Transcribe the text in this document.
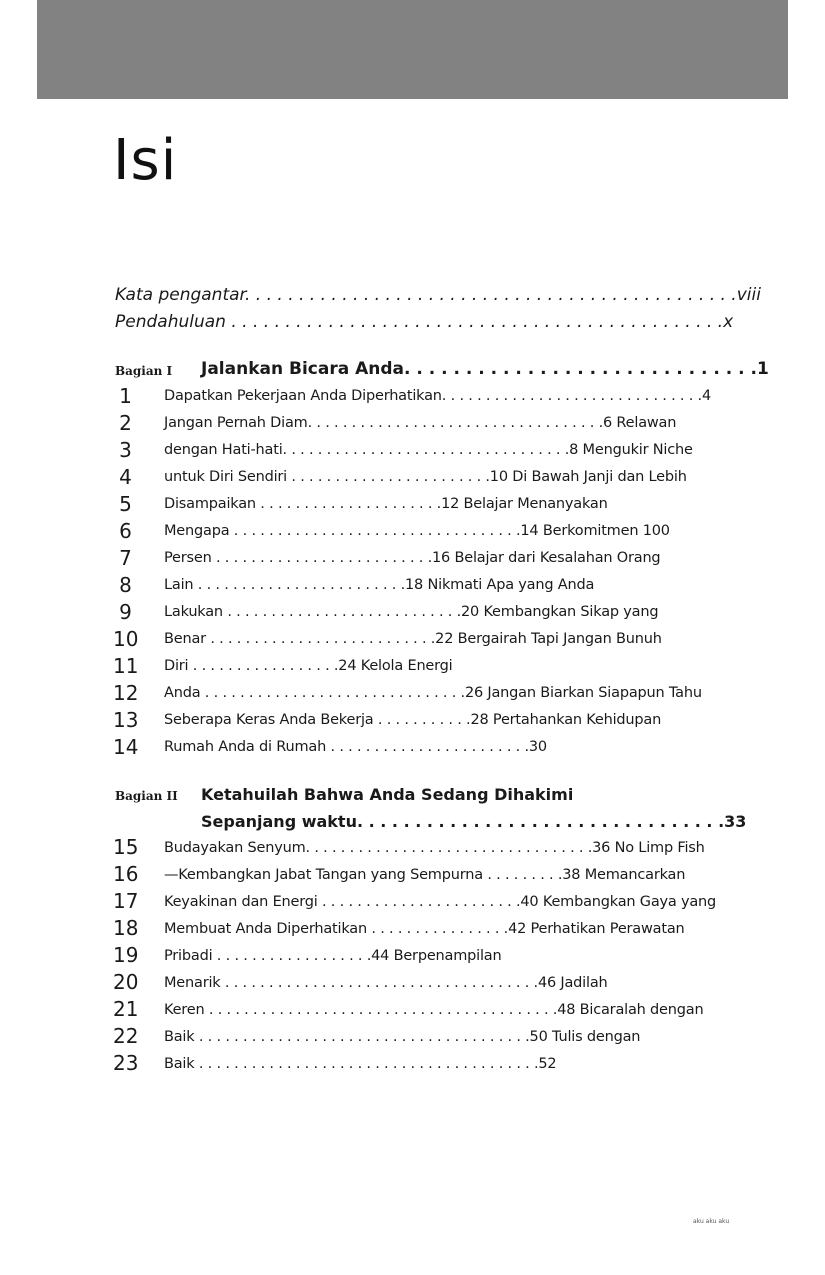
Isi
Kata pengantar. . . . . . . . . . . . . . . . . . . . . . . . . . . . . . . . . . . . . . . . . . . . . .viii
Pendahuluan . . . . . . . . . . . . . . . . . . . . . . . . . . . . . . . . . . . . . . . . . . . . . .x
Bagian I Jalankan Bicara Anda. . . . . . . . . . . . . . . . . . . . . . . . . . . . .1
1	Dapatkan Pekerjaan Anda Diperhatikan. . . . . . . . . . . . . . . . . . . . . . . . . . . . . .4
2	Jangan Pernah Diam. . . . . . . . . . . . . . . . . . . . . . . . . . . . . . . . . .6 Relawan
3	dengan Hati-hati. . . . . . . . . . . . . . . . . . . . . . . . . . . . . . . . .8 Mengukir Niche
4	untuk Diri Sendiri . . . . . . . . . . . . . . . . . . . . . . .10 Di Bawah Janji dan Lebih
5	Disampaikan . . . . . . . . . . . . . . . . . . . . .12 Belajar Menanyakan
6	Mengapa . . . . . . . . . . . . . . . . . . . . . . . . . . . . . . . . .14 Berkomitmen 100
7	Persen . . . . . . . . . . . . . . . . . . . . . . . . .16 Belajar dari Kesalahan Orang
8	Lain . . . . . . . . . . . . . . . . . . . . . . . .18 Nikmati Apa yang Anda
9	Lakukan . . . . . . . . . . . . . . . . . . . . . . . . . . .20 Kembangkan Sikap yang
10 Benar . . . . . . . . . . . . . . . . . . . . . . . . . .22 Bergairah Tapi Jangan Bunuh
11 Diri . . . . . . . . . . . . . . . . .24 Kelola Energi
12 Anda . . . . . . . . . . . . . . . . . . . . . . . . . . . . . .26 Jangan Biarkan Siapapun Tahu
13 Seberapa Keras Anda Bekerja . . . . . . . . . . .28 Pertahankan Kehidupan
14 Rumah Anda di Rumah . . . . . . . . . . . . . . . . . . . . . . .30
Bagian II Ketahuilah Bahwa Anda Sedang Dihakimi
Sepanjang waktu. . . . . . . . . . . . . . . . . . . . . . . . . . . . . . . .33
15 Budayakan Senyum. . . . . . . . . . . . . . . . . . . . . . . . . . . . . . . . .36 No Limp Fish
16 —Kembangkan Jabat Tangan yang Sempurna . . . . . . . . .38 Memancarkan
17 Keyakinan dan Energi . . . . . . . . . . . . . . . . . . . . . . .40 Kembangkan Gaya yang
18 Membuat Anda Diperhatikan . . . . . . . . . . . . . . . .42 Perhatikan Perawatan
19 Pribadi . . . . . . . . . . . . . . . . . .44 Berpenampilan
20 Menarik . . . . . . . . . . . . . . . . . . . . . . . . . . . . . . . . . . . .46 Jadilah
21 Keren . . . . . . . . . . . . . . . . . . . . . . . . . . . . . . . . . . . . . . . .48 Bicaralah dengan
22 Baik . . . . . . . . . . . . . . . . . . . . . . . . . . . . . . . . . . . . . .50 Tulis dengan
23 Baik . . . . . . . . . . . . . . . . . . . . . . . . . . . . . . . . . . . . . . .52
aku aku aku
